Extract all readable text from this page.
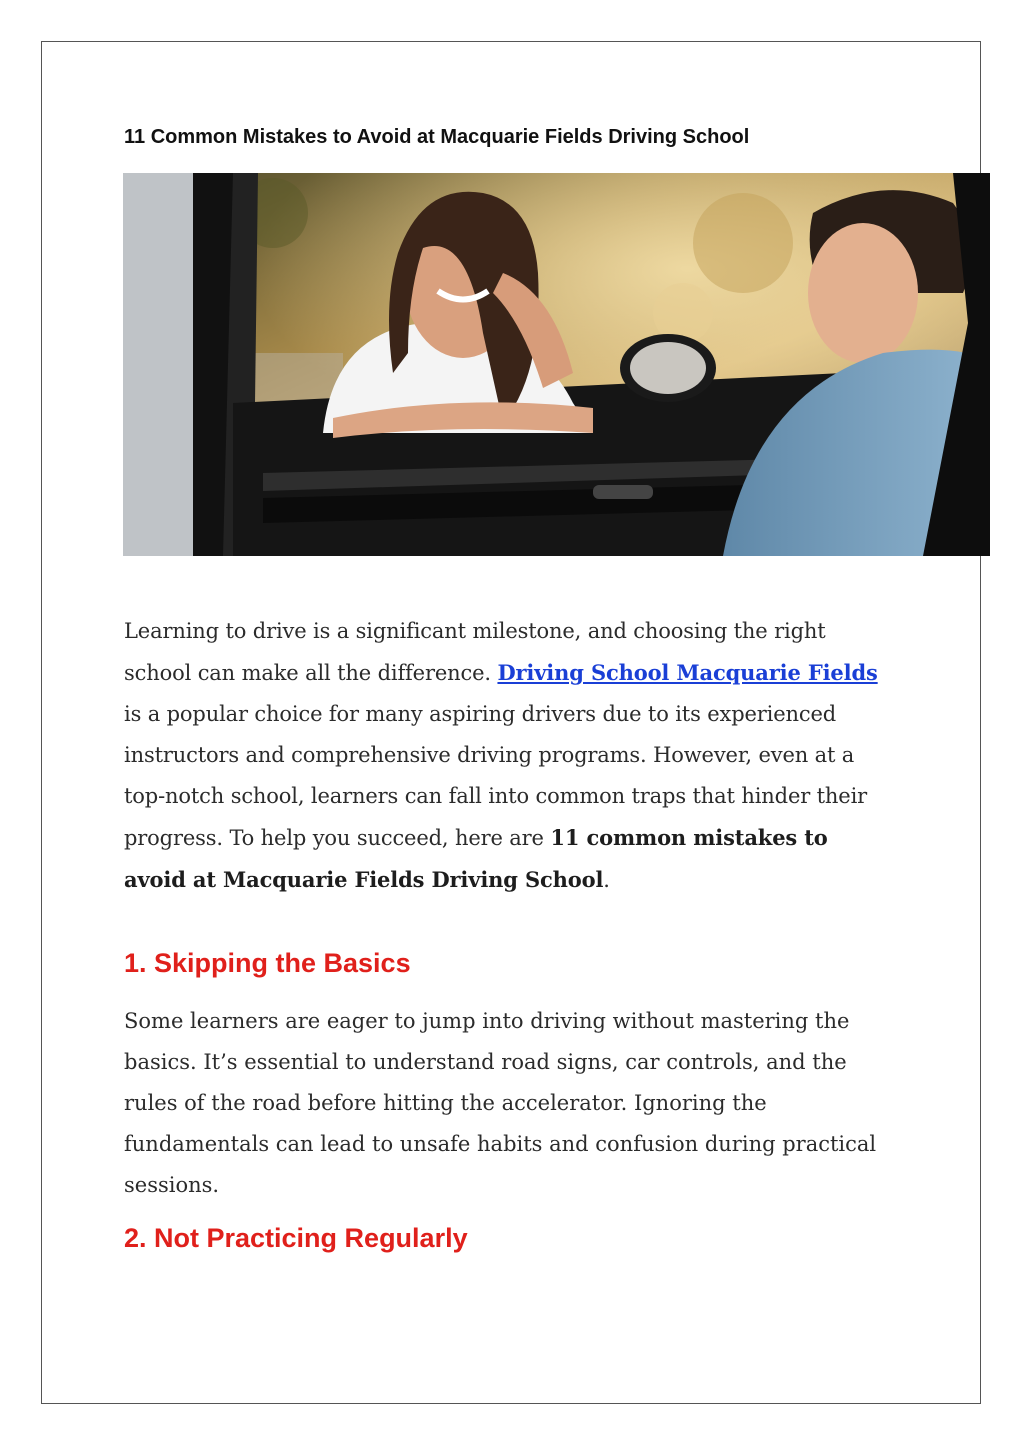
11 Common Mistakes to Avoid at Macquarie Fields Driving School

Learning to drive is a significant milestone, and choosing the right school can make all the difference. Driving School Macquarie Fields is a popular choice for many aspiring drivers due to its experienced instructors and comprehensive driving programs. However, even at a top-notch school, learners can fall into common traps that hinder their progress. To help you succeed, here are 11 common mistakes to avoid at Macquarie Fields Driving School.

1. Skipping the Basics

Some learners are eager to jump into driving without mastering the basics. It’s essential to understand road signs, car controls, and the rules of the road before hitting the accelerator. Ignoring the fundamentals can lead to unsafe habits and confusion during practical sessions.

2. Not Practicing Regularly
